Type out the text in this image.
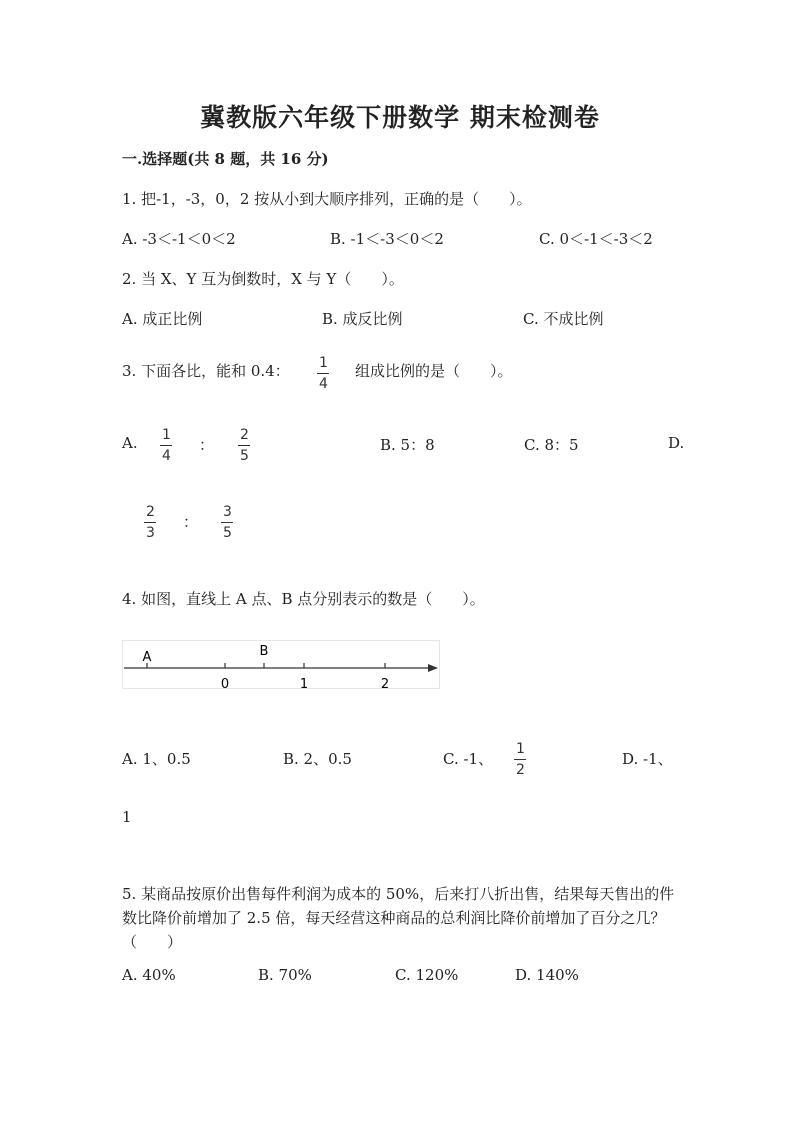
冀教版六年级下册数学 期末检测卷
一.选择题(共 8 题，共 16 分)
1. 把-1，-3，0，2 按从小到大顺序排列，正确的是（　　）。
A. -3＜-1＜0＜2	B. -1＜-3＜0＜2	C. 0＜-1＜-3＜2
2. 当 X、Y 互为倒数时，X 与 Y（　　）。
A. 成正比例	B. 成反比例	C. 不成比例
3. 下面各比，能和 0.4： 1
4
组成比例的是（　　）。
A. 1
4
：
2
5
B. 5：8	C. 8：5	D.
2
3
：
3
5
4. 如图，直线上 A 点、B 点分别表示的数是（　　）。
A	B
0	1	2
A. 1、0.5	B. 2、0.5	C. -1、
1
2
D. -1、
1
5. 某商品按原价出售每件利润为成本的 50%，后来打八折出售，结果每天售出的件数比降价前增加了 2.5 倍，每天经营这种商品的总利润比降价前增加了百分之几？（　　）
A. 40%	B. 70%	C. 120%	D. 140%
